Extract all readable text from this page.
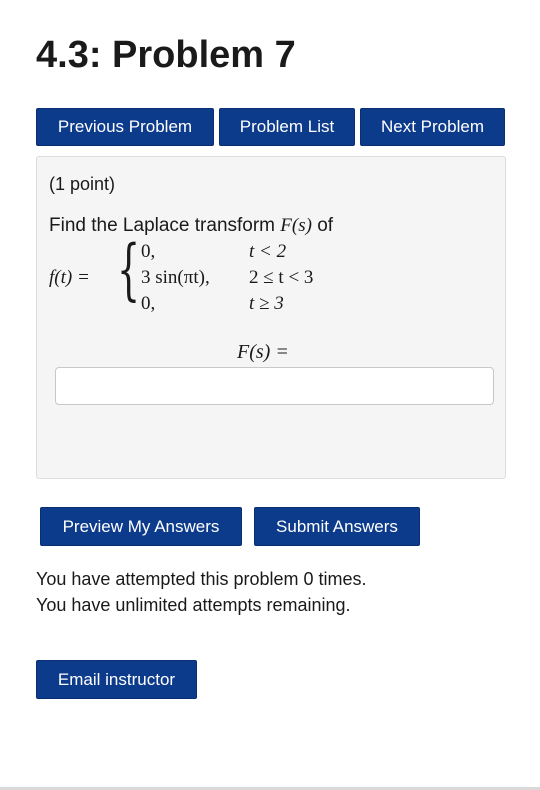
4.3: Problem 7
Previous Problem	Problem List	Next Problem
(1 point)
Find the Laplace transform F(s) of
f(t) = { 0,	t < 2
3 sin(πt), 2 ≤ t < 3
0,	t ≥ 3
F(s) =
Preview My Answers	Submit Answers
You have attempted this problem 0 times.
You have unlimited attempts remaining.
Email instructor
